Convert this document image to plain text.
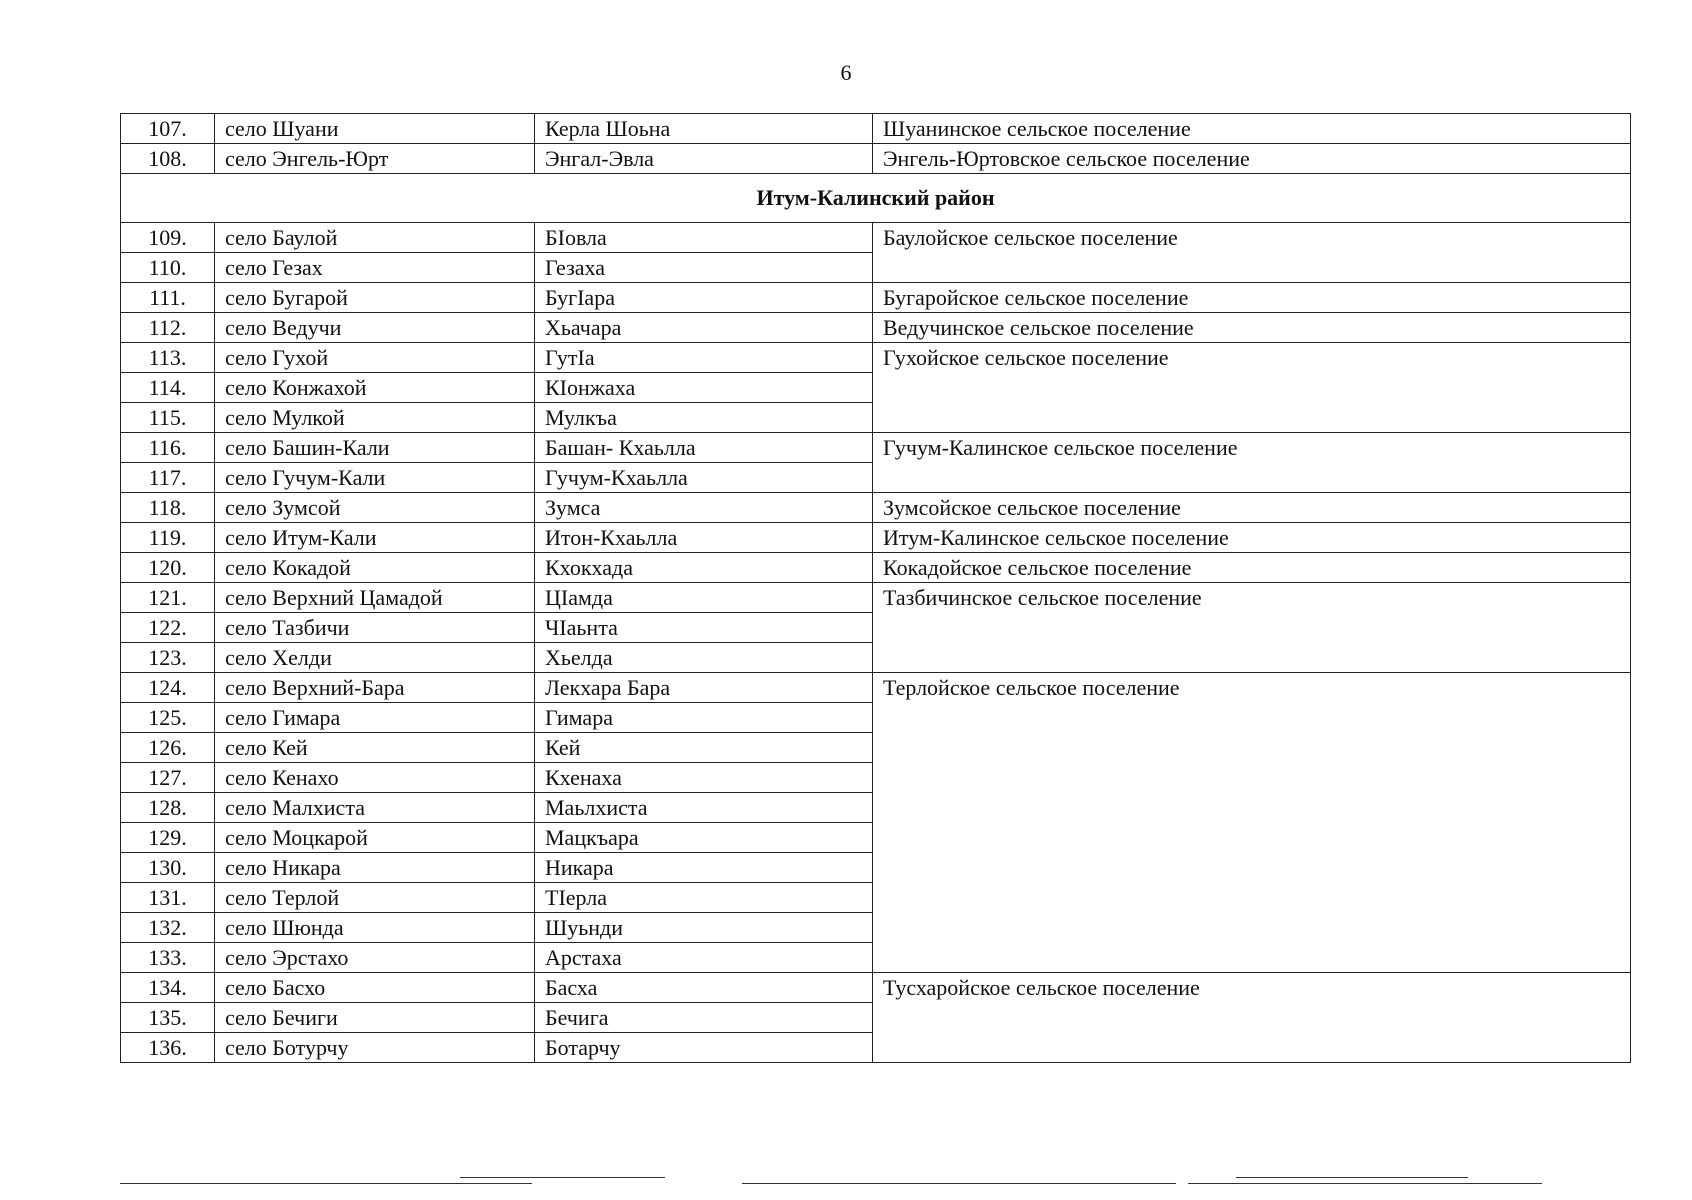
6
107.	село Шуани	Керла Шоьна	Шуанинское сельское поселение
108.	село Энгель-Юрт	Энгал-Эвла	Энгель-Юртовское сельское поселение
Итум-Калинский район			
109.	село Баулой	БIовла	Баулойское сельское поселение
110.	село Гезах	Гезаха	
111.	село Бугарой	БугIара	Бугаройское сельское поселение
112.	село Ведучи	Хьачара	Ведучинское сельское поселение
113.	село Гухой	ГутIа	Гухойское сельское поселение
114.	село Конжахой	КIонжаха	
115.	село Мулкой	Мулкъа	
116.	село Башин-Кали	Башан- Кхаьлла	Гучум-Калинское сельское поселение
117.	село Гучум-Кали	Гучум-Кхаьлла	
118.	село Зумсой	Зумса	Зумсойское сельское поселение
119.	село Итум-Кали	Итон-Кхаьлла	Итум-Калинское сельское поселение
120.	село Кокадой	Кхокхада	Кокадойское сельское поселение
121.	село Верхний Цамадой	ЦIамда	Тазбичинское сельское поселение
122.	село Тазбичи	ЧIаьнта	
123.	село Хелди	Хьелда	
124.	село Верхний-Бара	Лекхара Бара	Терлойское сельское поселение
125.	село Гимара	Гимара	
126.	село Кей	Кей	
127.	село Кенахо	Кхенаха	
128.	село Малхиста	Маьлхиста	
129.	село Моцкарой	Мацкъара	
130.	село Никара	Никара	
131.	село Терлой	ТIерла	
132.	село Шюнда	Шуьнди	
133.	село Эрстахо	Арстаха	
134.	село Басхо	Басха	Тусхаройское сельское поселение
135.	село Бечиги	Бечига	
136.	село Ботурчу	Ботарчу	
